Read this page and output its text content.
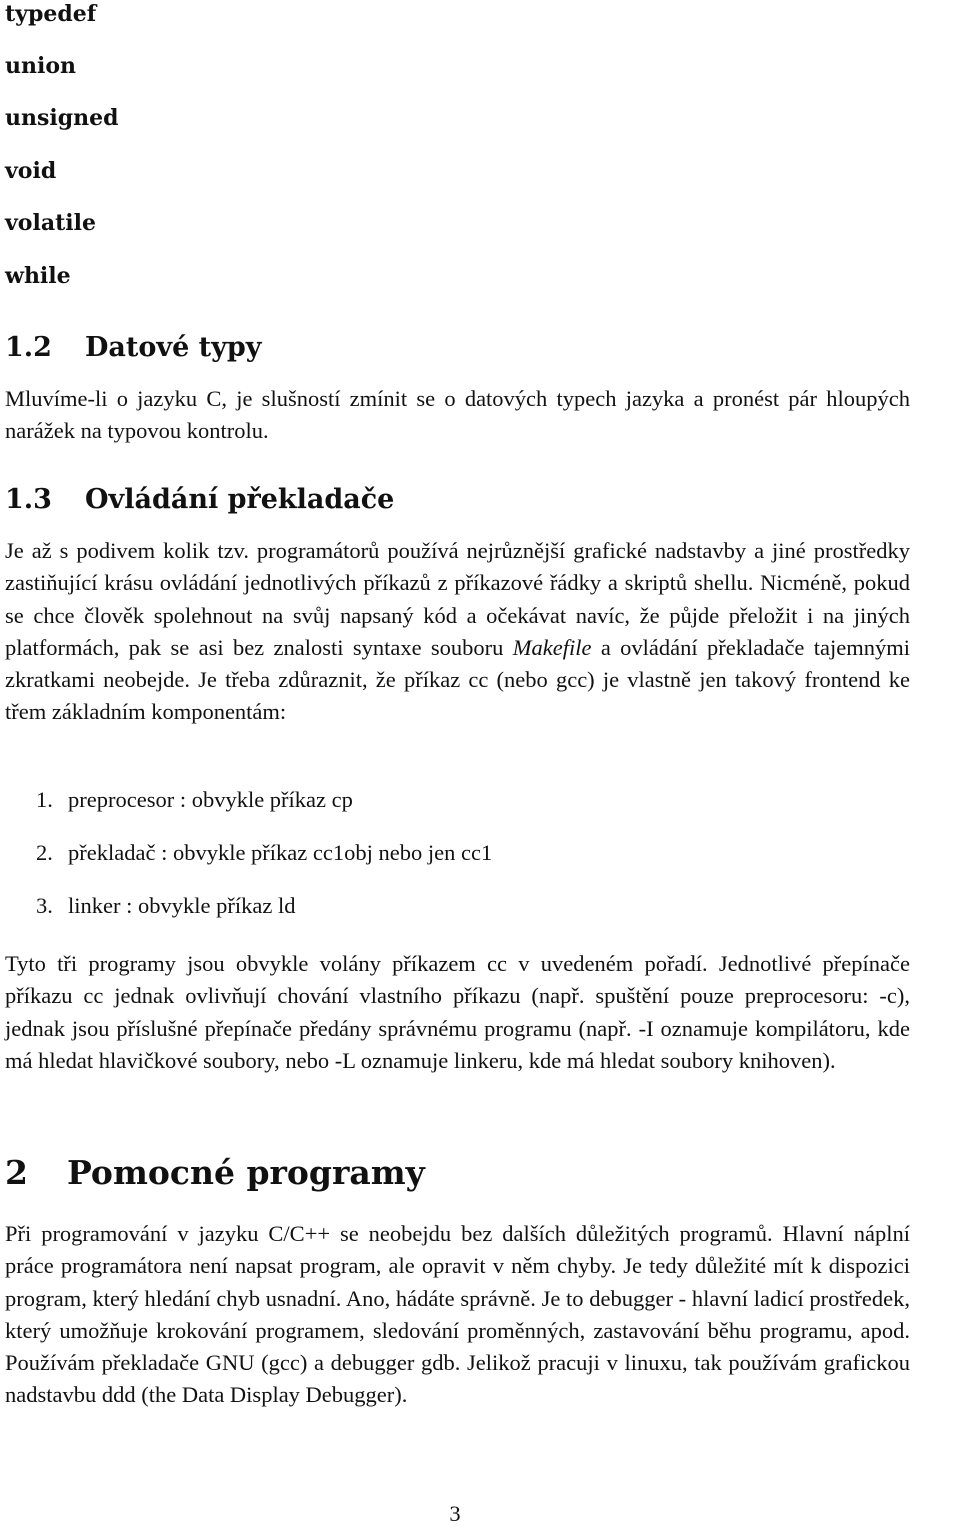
typedef

union

unsigned

void

volatile

while

1.2 Datové typy

Mluvíme-li o jazyku C, je slušností zmínit se o datových typech jazyka a pronést pár hloupých narážek na typovou kontrolu.

1.3 Ovládání překladače

Je až s podivem kolik tzv. programátorů používá nejrůznější grafické nadstavby a jiné prostředky zastiňující krásu ovládání jednotlivých příkazů z příkazové řádky a skriptů shellu. Nicméně, pokud se chce člověk spolehnout na svůj napsaný kód a očekávat navíc, že půjde přeložit i na jiných platformách, pak se asi bez znalosti syntaxe souboru Makefile a ovládání překladače tajemnými zkratkami neobejde. Je třeba zdůraznit, že příkaz cc (nebo gcc) je vlastně jen takový frontend ke třem základním komponentám:

1. preprocesor : obvykle příkaz cp
2. překladač : obvykle příkaz cc1obj nebo jen cc1
3. linker : obvykle příkaz ld

Tyto tři programy jsou obvykle volány příkazem cc v uvedeném pořadí. Jednotlivé přepínače příkazu cc jednak ovlivňují chování vlastního příkazu (např. spuštění pouze preprocesoru: -c), jednak jsou příslušné přepínače předány správnému programu (např. -I oznamuje kompilátoru, kde má hledat hlavičkové soubory, nebo -L oznamuje linkeru, kde má hledat soubory knihoven).

2 Pomocné programy

Při programování v jazyku C/C++ se neobejdu bez dalších důležitých programů. Hlavní náplní práce programátora není napsat program, ale opravit v něm chyby. Je tedy důležité mít k dispozici program, který hledání chyb usnadní. Ano, hádáte správně. Je to debugger - hlavní ladicí prostředek, který umožňuje krokování programem, sledování proměnných, zastavování běhu programu, apod. Používám překladače GNU (gcc) a debugger gdb. Jelikož pracuji v linuxu, tak používám grafickou nadstavbu ddd (the Data Display Debugger).

3
